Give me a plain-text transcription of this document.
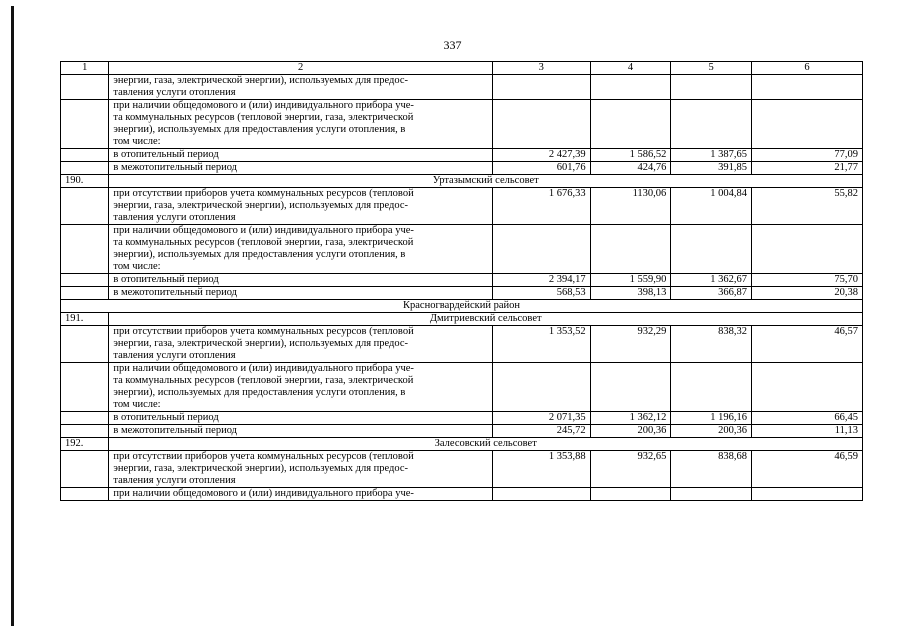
337
1	2	3	4	5	6

	энергии, газа, электрической энергии), используемых для предос-
тавления услуги отопления				

	при наличии общедомового и (или) индивидуального прибора уче-
та коммунальных ресурсов (тепловой энергии, газа, электрической
энергии), используемых для предоставления услуги отопления, в
том числе:				

	в отопительный период	2 427,39	1 586,52	1 387,65	77,09

	в межотопительный период	601,76	424,76	391,85	21,77
190.	Уртазымский сельсовет				

	при отсутствии приборов учета коммунальных ресурсов (тепловой
энергии, газа, электрической энергии), используемых для предос-
тавления услуги отопления	1 676,33	1130,06	1 004,84	55,82

	при наличии общедомового и (или) индивидуального прибора уче-
та коммунальных ресурсов (тепловой энергии, газа, электрической
энергии), используемых для предоставления услуги отопления, в
том числе:				

	в отопительный период	2 394,17	1 559,90	1 362,67	75,70

	в межотопительный период	568,53	398,13	366,87	20,38
Красногвардейский район					
191.	Дмитриевский сельсовет				

	при отсутствии приборов учета коммунальных ресурсов (тепловой
энергии, газа, электрической энергии), используемых для предос-
тавления услуги отопления	1 353,52	932,29	838,32	46,57

	при наличии общедомового и (или) индивидуального прибора уче-
та коммунальных ресурсов (тепловой энергии, газа, электрической
энергии), используемых для предоставления услуги отопления, в
том числе:				

	в отопительный период	2 071,35	1 362,12	1 196,16	66,45

	в межотопительный период	245,72	200,36	200,36	11,13
192.	Залесовский сельсовет				

	при отсутствии приборов учета коммунальных ресурсов (тепловой
энергии, газа, электрической энергии), используемых для предос-
тавления услуги отопления	1 353,88	932,65	838,68	46,59

	при наличии общедомового и (или) индивидуального прибора уче-				
